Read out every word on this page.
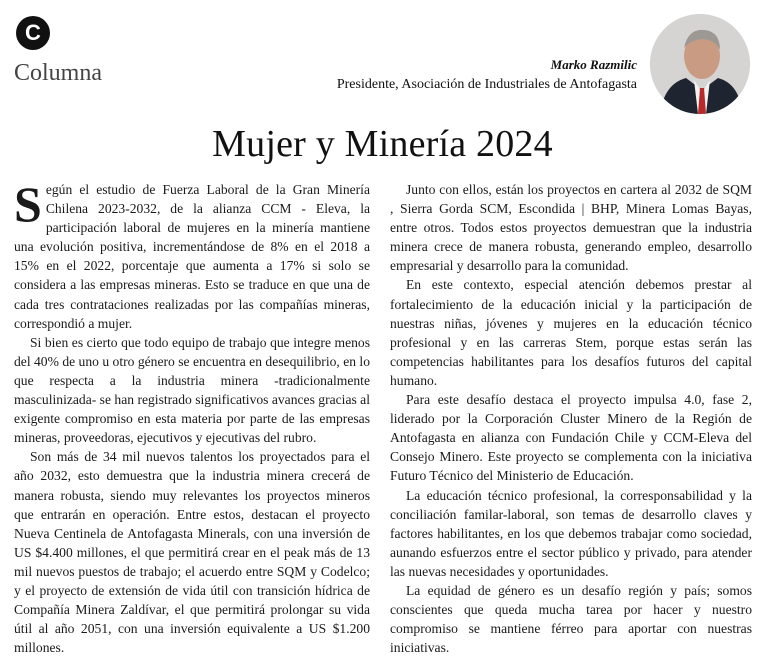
C
Columna	Marko Razmilic
Presidente, Asociación de Industriales de Antofagasta
Mujer y Minería 2024

Según el estudio de Fuerza Laboral de la Gran Minería Chilena 2023-2032, de la alianza CCM - Eleva, la participación laboral de mujeres en la minería mantiene una evolución positiva, incrementándose de 8% en el 2018 a 15% en el 2022, porcentaje que aumenta a 17% si solo se considera a las empresas mineras. Esto se traduce en que una de cada tres contrataciones realizadas por las compañías mineras, correspondió a mujer.

Si bien es cierto que todo equipo de trabajo que integre menos del 40% de uno u otro género se encuentra en desequilibrio, en lo que respecta a la industria minera -tradicionalmente masculinizada- se han registrado significativos avances gracias al exigente compromiso en esta materia por parte de las empresas mineras, proveedoras, ejecutivos y ejecutivas del rubro.

Son más de 34 mil nuevos talentos los proyectados para el año 2032, esto demuestra que la industria minera crecerá de manera robusta, siendo muy relevantes los proyectos mineros que entrarán en operación. Entre estos, destacan el proyecto Nueva Centinela de Antofagasta Minerals, con una inversión de US $4.400 millones, el que permitirá crear en el peak más de 13 mil nuevos puestos de trabajo; el acuerdo entre SQM y Codelco; y el proyecto de extensión de vida útil con transición hídrica de Compañía Minera Zaldívar, el que permitirá prolongar su vida útil al año 2051, con una inversión equivalente a US $1.200 millones.

Junto con ellos, están los proyectos en cartera al 2032 de SQM , Sierra Gorda SCM, Escondida | BHP, Minera Lomas Bayas, entre otros. Todos estos proyectos demuestran que la industria minera crece de manera robusta, generando empleo, desarrollo empresarial y desarrollo para la comunidad.

En este contexto, especial atención debemos prestar al fortalecimiento de la educación inicial y la participación de nuestras niñas, jóvenes y mujeres en la educación técnico profesional y en las carreras Stem, porque estas serán las competencias habilitantes para los desafíos futuros del capital humano.

Para este desafío destaca el proyecto impulsa 4.0, fase 2, liderado por la Corporación Cluster Minero de la Región de Antofagasta en alianza con Fundación Chile y CCM-Eleva del Consejo Minero. Este proyecto se complementa con la iniciativa Futuro Técnico del Ministerio de Educación.

La educación técnico profesional, la corresponsabilidad y la conciliación familar-laboral, son temas de desarrollo claves y factores habilitantes, en los que debemos trabajar como sociedad, aunando esfuerzos entre el sector público y privado, para atender las nuevas necesidades y oportunidades.

La equidad de género es un desafío región y país; somos conscientes que queda mucha tarea por hacer y nuestro compromiso se mantiene férreo para aportar con nuestras iniciativas.
